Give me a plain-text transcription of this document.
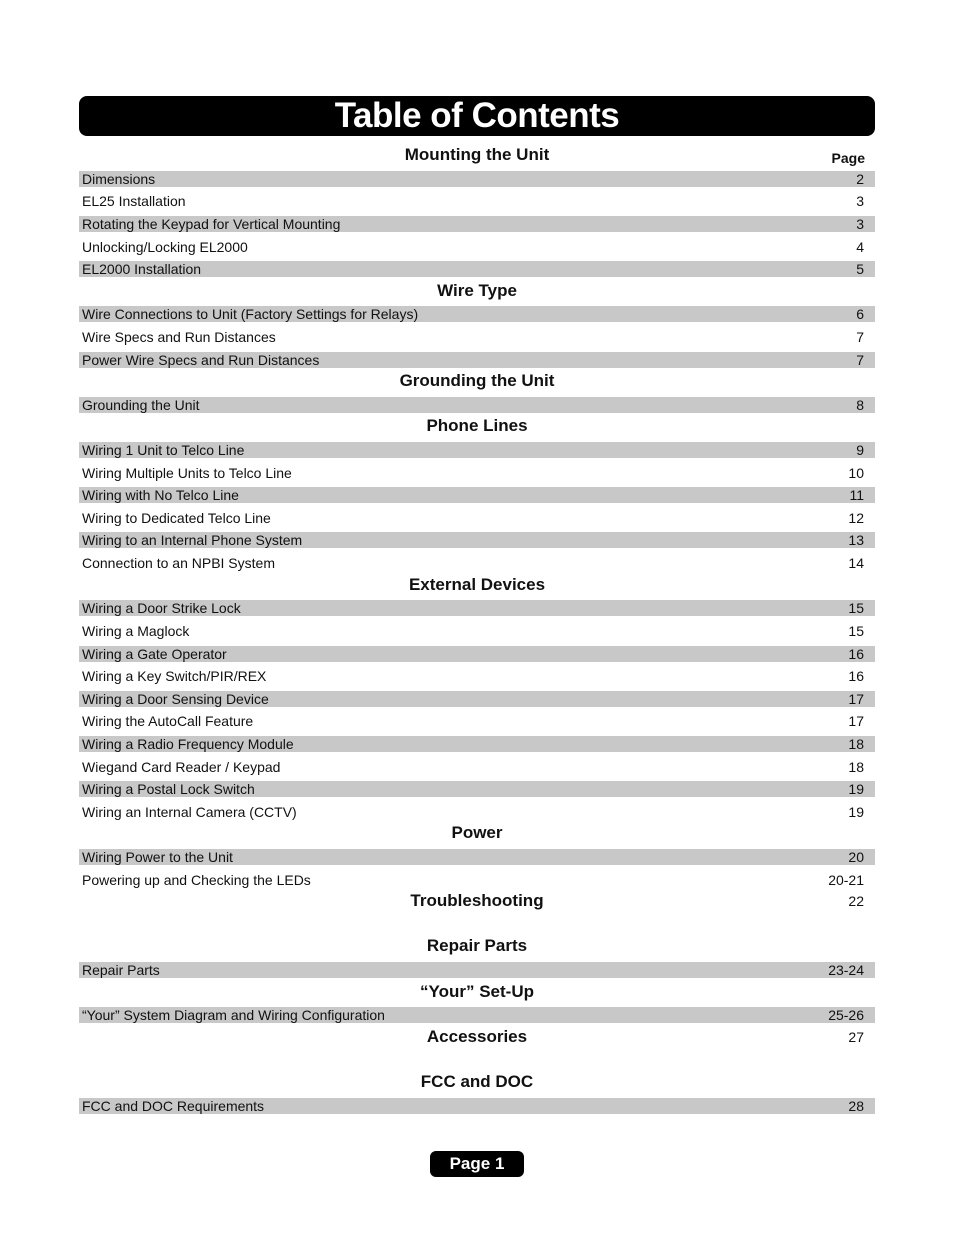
Table of Contents
Mounting the Unit	Page
Dimensions	2
EL25 Installation	3
Rotating the Keypad for Vertical Mounting	3
Unlocking/Locking EL2000	4
EL2000 Installation	5
Wire Type
Wire Connections to Unit (Factory Settings for Relays)	6
Wire Specs and Run Distances	7
Power Wire Specs and Run Distances	7
Grounding the Unit
Grounding the Unit	8
Phone Lines
Wiring 1 Unit to Telco Line	9
Wiring Multiple Units to Telco Line	10
Wiring with No Telco Line	11
Wiring to Dedicated Telco Line	12
Wiring to an Internal Phone System	13
Connection to an NPBI System	14
External Devices
Wiring a Door Strike Lock	15
Wiring a Maglock	15
Wiring a Gate Operator	16
Wiring a Key Switch/PIR/REX	16
Wiring a Door Sensing Device	17
Wiring the AutoCall Feature	17
Wiring a Radio Frequency Module	18
Wiegand Card Reader / Keypad	18
Wiring a Postal Lock Switch	19
Wiring an Internal Camera (CCTV)	19
Power
Wiring Power to the Unit	20
Powering up and Checking the LEDs	20-21
Troubleshooting	22
Repair Parts
Repair Parts	23-24
“Your” Set-Up
“Your” System Diagram and Wiring Configuration	25-26
Accessories	27
FCC and DOC
FCC and DOC Requirements	28
Page 1
